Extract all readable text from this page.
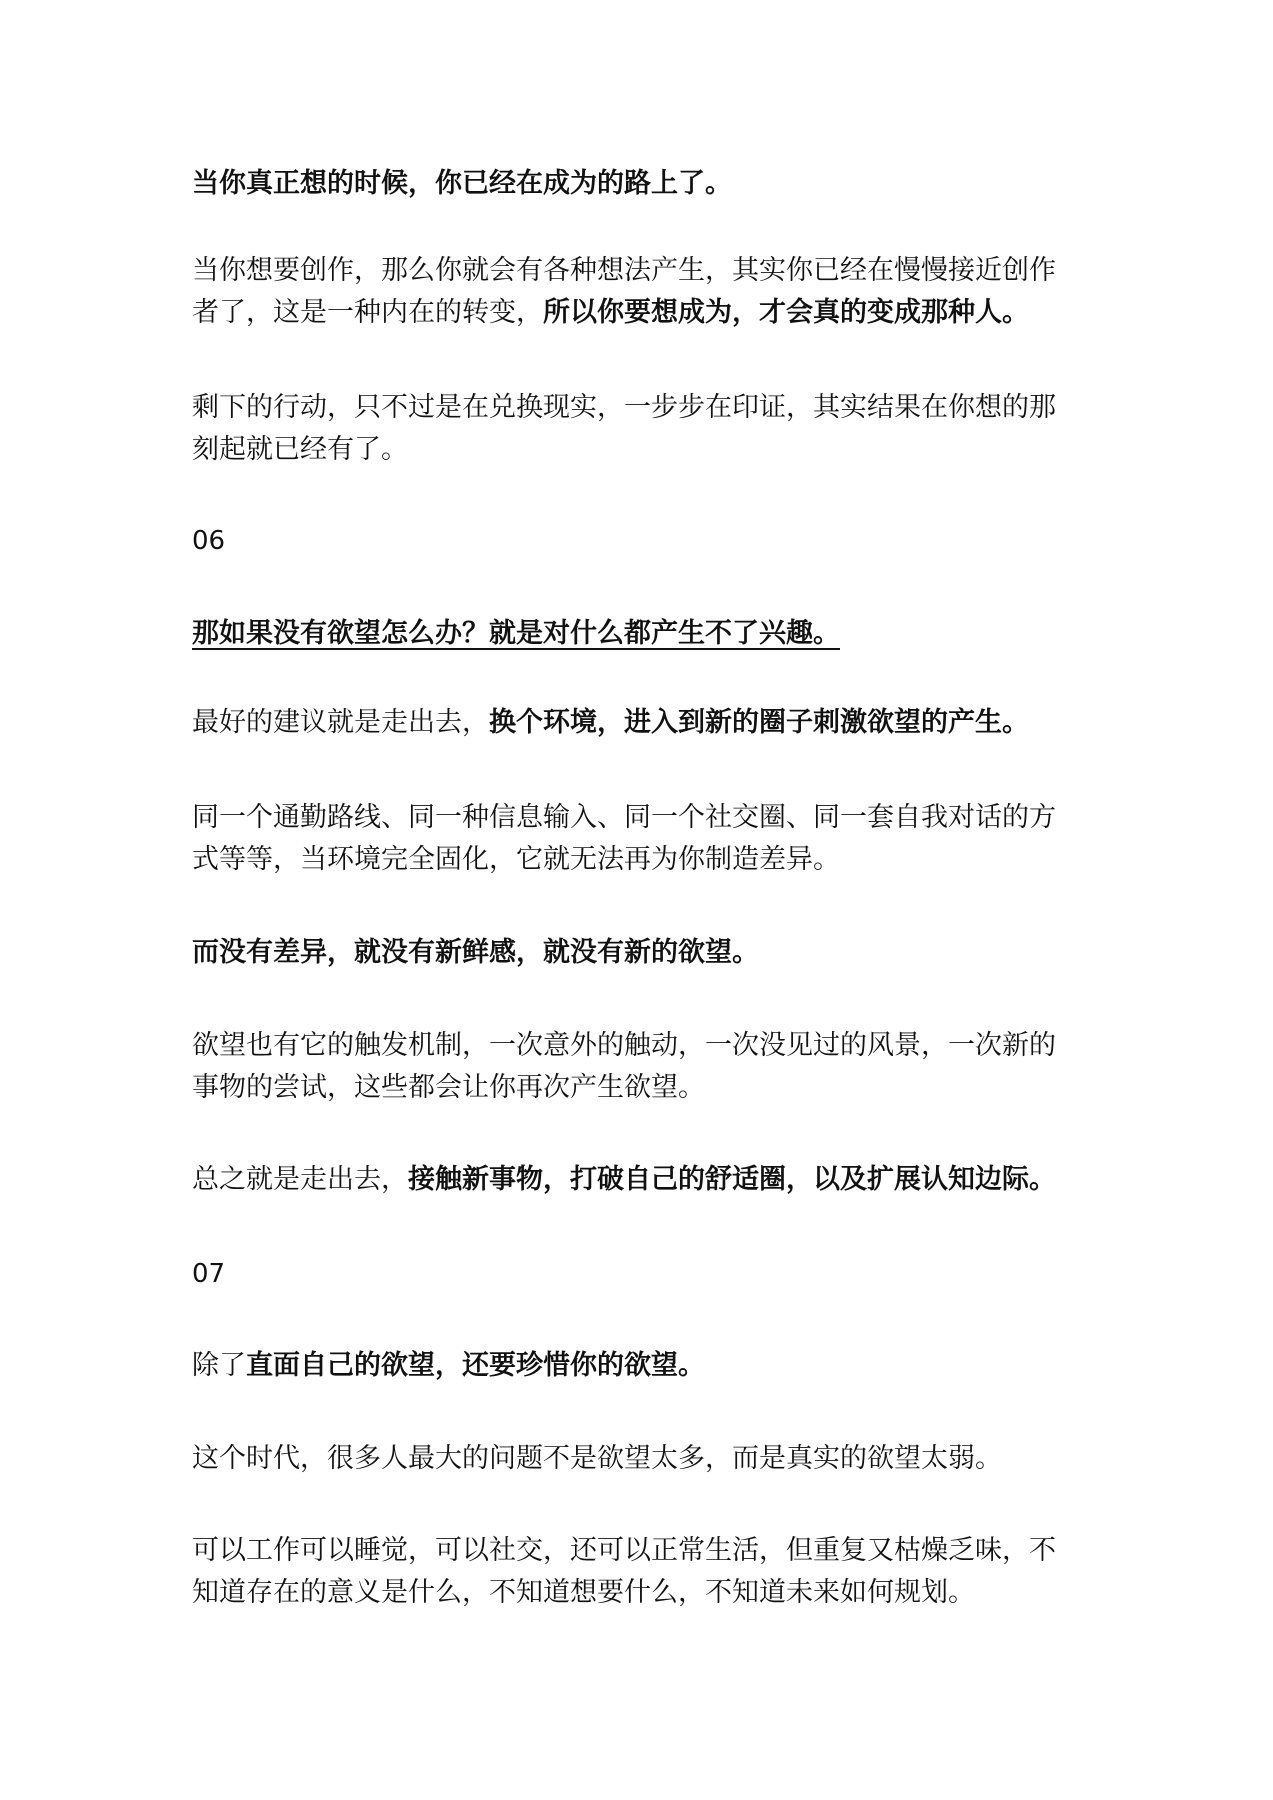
当你真正想的时候，你已经在成为的路上了。

当你想要创作，那么你就会有各种想法产生，其实你已经在慢慢接近创作
者了，这是一种内在的转变，所以你要想成为，才会真的变成那种人。

剩下的行动，只不过是在兑换现实，一步步在印证，其实结果在你想的那
刻起就已经有了。

06

那如果没有欲望怎么办？就是对什么都产生不了兴趣。

最好的建议就是走出去，换个环境，进入到新的圈子刺激欲望的产生。

同一个通勤路线、同一种信息输入、同一个社交圈、同一套自我对话的方
式等等，当环境完全固化，它就无法再为你制造差异。

而没有差异，就没有新鲜感，就没有新的欲望。

欲望也有它的触发机制，一次意外的触动，一次没见过的风景，一次新的
事物的尝试，这些都会让你再次产生欲望。

总之就是走出去，接触新事物，打破自己的舒适圈，以及扩展认知边际。

07

除了直面自己的欲望，还要珍惜你的欲望。

这个时代，很多人最大的问题不是欲望太多，而是真实的欲望太弱。

可以工作可以睡觉，可以社交，还可以正常生活，但重复又枯燥乏味，不
知道存在的意义是什么，不知道想要什么，不知道未来如何规划。
